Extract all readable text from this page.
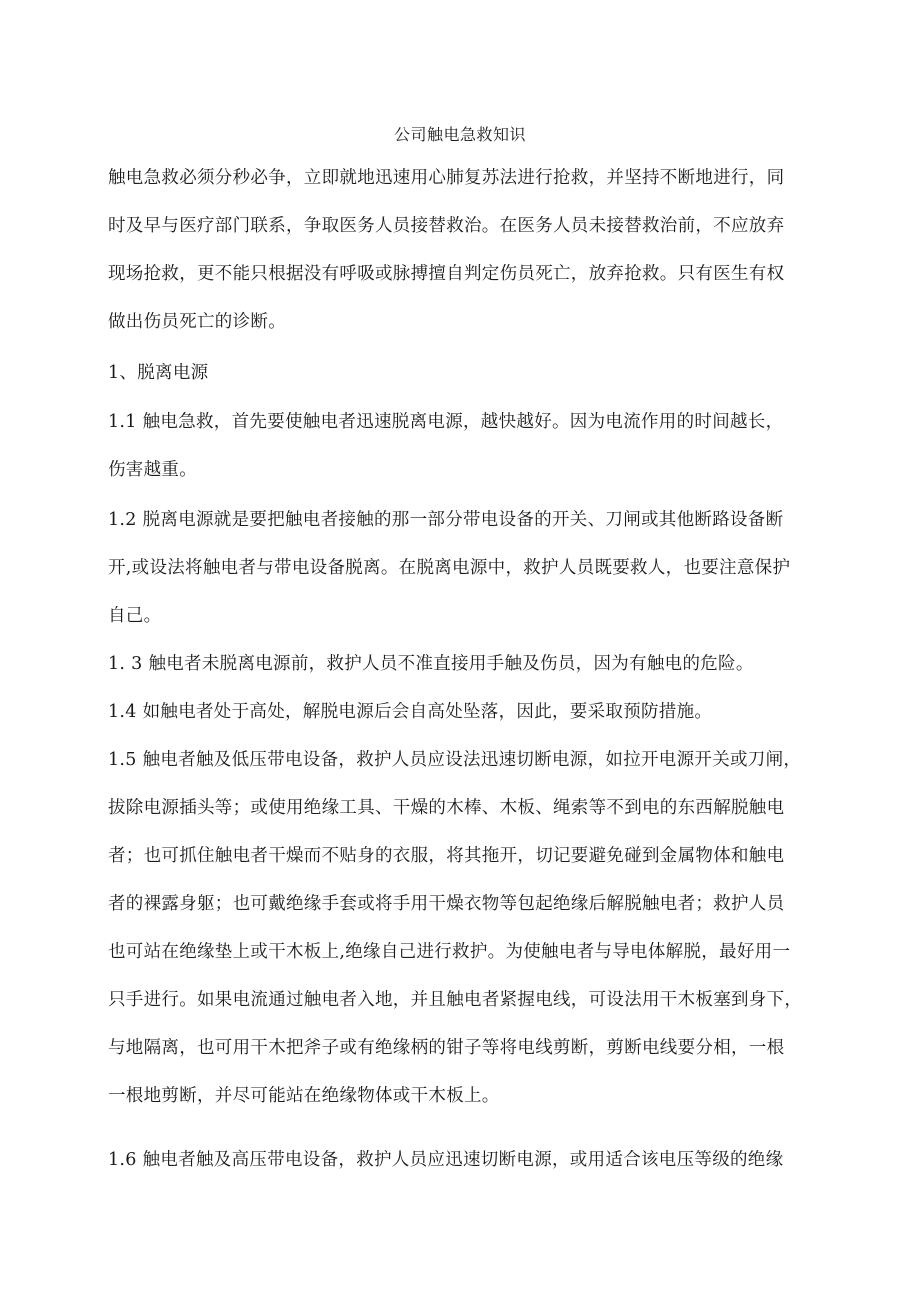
公司触电急救知识
触电急救必须分秒必争，立即就地迅速用心肺复苏法进行抢救，并坚持不断地进行，同
时及早与医疗部门联系，争取医务人员接替救治。在医务人员未接替救治前，不应放弃
现场抢救，更不能只根据没有呼吸或脉搏擅自判定伤员死亡，放弃抢救。只有医生有权
做出伤员死亡的诊断。
1、脱离电源
1.1 触电急救，首先要使触电者迅速脱离电源，越快越好。因为电流作用的时间越长，
伤害越重。
1.2 脱离电源就是要把触电者接触的那一部分带电设备的开关、刀闸或其他断路设备断
开,或设法将触电者与带电设备脱离。在脱离电源中，救护人员既要救人，也要注意保护
自己。
1. 3 触电者未脱离电源前，救护人员不准直接用手触及伤员，因为有触电的危险。
1.4 如触电者处于高处，解脱电源后会自高处坠落，因此，要采取预防措施。
1.5 触电者触及低压带电设备，救护人员应设法迅速切断电源，如拉开电源开关或刀闸，
拔除电源插头等；或使用绝缘工具、干燥的木棒、木板、绳索等不到电的东西解脱触电
者；也可抓住触电者干燥而不贴身的衣服，将其拖开，切记要避免碰到金属物体和触电
者的裸露身躯；也可戴绝缘手套或将手用干燥衣物等包起绝缘后解脱触电者；救护人员
也可站在绝缘垫上或干木板上,绝缘自己进行救护。为使触电者与导电体解脱，最好用一
只手进行。如果电流通过触电者入地，并且触电者紧握电线，可设法用干木板塞到身下，
与地隔离，也可用干木把斧子或有绝缘柄的钳子等将电线剪断，剪断电线要分相，一根
一根地剪断，并尽可能站在绝缘物体或干木板上。
1.6 触电者触及高压带电设备，救护人员应迅速切断电源，或用适合该电压等级的绝缘
